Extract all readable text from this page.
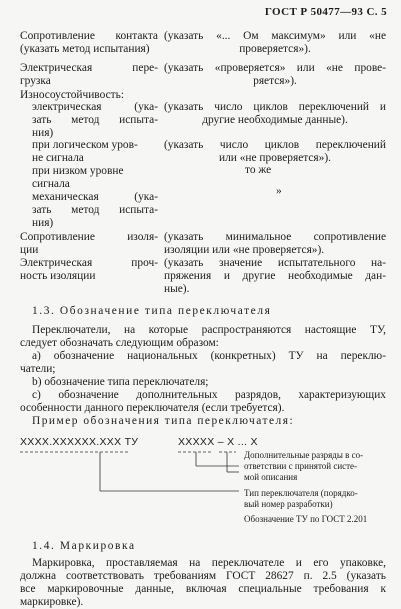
ГОСТ Р 50477—93 С. 5
Сопротивление контакта
(указать метод испытания)
(указать «... Ом максимум» или «не
проверяется»).
Электрическая пере-
грузка
(указать «проверяется» или «не прове-
ряется»).
Износоустойчивость:
электрическая (ука-
зать метод испыта-
ния)
(указать число циклов переключений и
другие необходимые данные).
при логическом уров-
не сигнала
(указать число циклов переключений
или «не проверяется»).
при низком уровне
сигнала
то же
механическая (ука-
зать метод испыта-
ния)
»
Сопротивление изоля-
ции
(указать минимальное сопротивление
изоляции или «не проверяется»).
Электрическая проч-
ность изоляции
(указать значение испытательного на-
пряжения и другие необходимые дан-
ные).
1.3. Обозначение типа переключателя
Переключатели, на которые распространяются настоящие ТУ,
следует обозначать следующим образом:
а) обозначение национальных (конкретных) ТУ на переклю-
чатели;
b) обозначение типа переключателя;
с) обозначение дополнительных разрядов, характеризующих
особенности данного переключателя (если требуется).
Пример обозначения типа переключателя:
XXXX.XXXXXX.XXX ТУ	XXXXX – X ... X
Дополнительные разряды в со-
ответствии с принятой систе-
мой описания
Тип переключателя (порядко-
вый номер разработки)
Обозначение ТУ по ГОСТ 2.201
1.4. Маркировка
Маркировка, проставляемая на переключателе и его упаковке,
должна соответствовать требованиям ГОСТ 28627 п. 2.5 (указать
все маркировочные данные, включая специальные требования к
маркировке).
